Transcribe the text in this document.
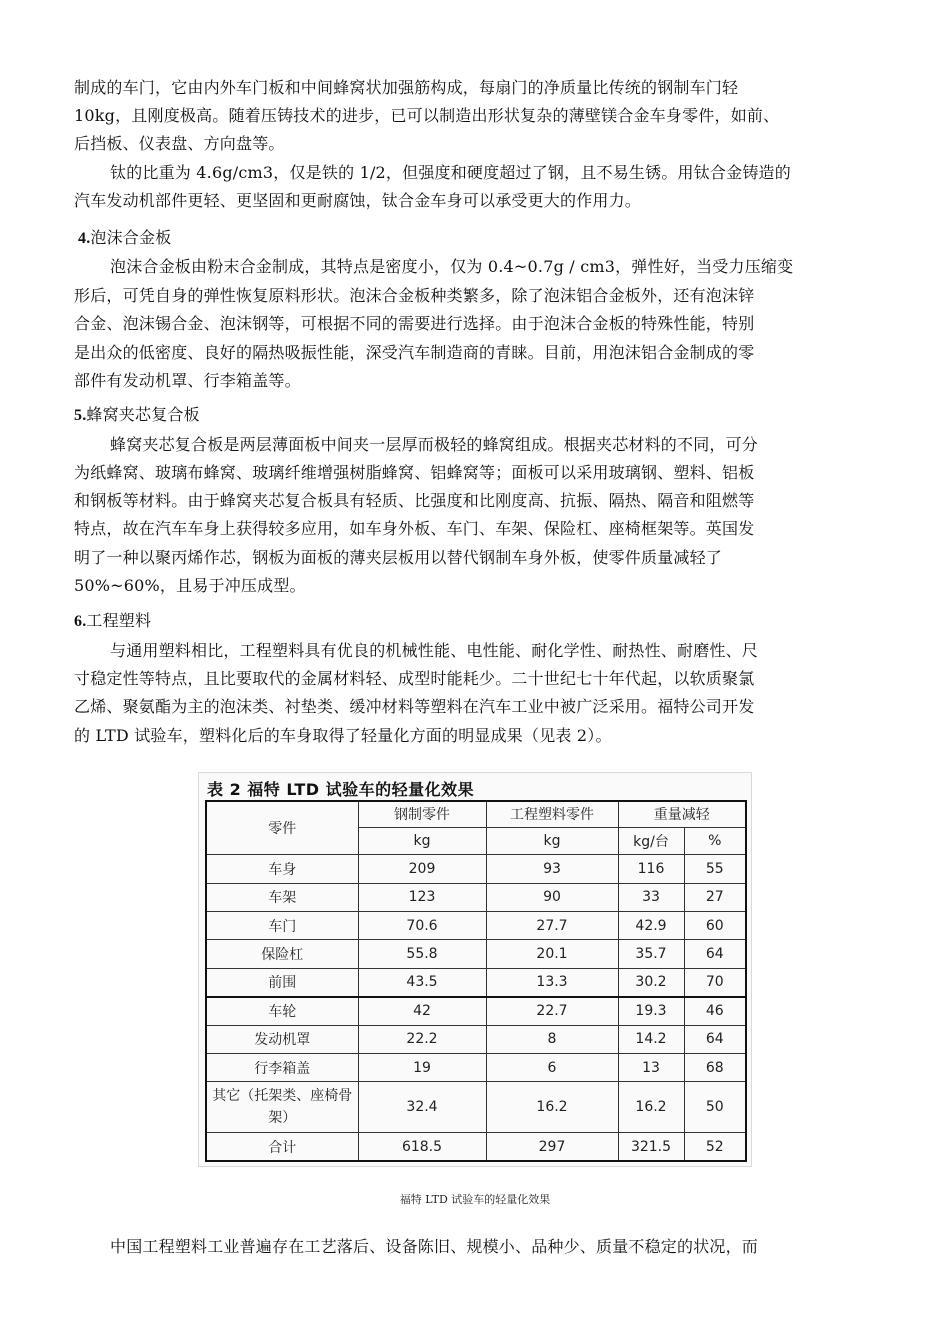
制成的车门，它由内外车门板和中间蜂窝状加强筋构成，每扇门的净质量比传统的钢制车门轻
10kg，且刚度极高。随着压铸技术的进步，已可以制造出形状复杂的薄壁镁合金车身零件，如前、
后挡板、仪表盘、方向盘等。
钛的比重为 4.6g/cm3，仅是铁的 1/2，但强度和硬度超过了钢，且不易生锈。用钛合金铸造的
汽车发动机部件更轻、更坚固和更耐腐蚀，钛合金车身可以承受更大的作用力。
4.泡沫合金板
泡沫合金板由粉末合金制成，其特点是密度小，仅为 0.4~0.7g / cm3，弹性好，当受力压缩变
形后，可凭自身的弹性恢复原料形状。泡沫合金板种类繁多，除了泡沫铝合金板外，还有泡沫锌
合金、泡沫锡合金、泡沫钢等，可根据不同的需要进行选择。由于泡沫合金板的特殊性能，特别
是出众的低密度、良好的隔热吸振性能，深受汽车制造商的青睐。目前，用泡沫铝合金制成的零
部件有发动机罩、行李箱盖等。
5.蜂窝夹芯复合板
蜂窝夹芯复合板是两层薄面板中间夹一层厚而极轻的蜂窝组成。根据夹芯材料的不同，可分
为纸蜂窝、玻璃布蜂窝、玻璃纤维增强树脂蜂窝、铝蜂窝等；面板可以采用玻璃钢、塑料、铝板
和钢板等材料。由于蜂窝夹芯复合板具有轻质、比强度和比刚度高、抗振、隔热、隔音和阻燃等
特点，故在汽车车身上获得较多应用，如车身外板、车门、车架、保险杠、座椅框架等。英国发
明了一种以聚丙烯作芯，钢板为面板的薄夹层板用以替代钢制车身外板，使零件质量减轻了
50%~60%，且易于冲压成型。
6.工程塑料
与通用塑料相比，工程塑料具有优良的机械性能、电性能、耐化学性、耐热性、耐磨性、尺
寸稳定性等特点，且比要取代的金属材料轻、成型时能耗少。二十世纪七十年代起，以软质聚氯
乙烯、聚氨酯为主的泡沫类、衬垫类、缓冲材料等塑料在汽车工业中被广泛采用。福特公司开发
的 LTD 试验车，塑料化后的车身取得了轻量化方面的明显成果（见表 2）。
表 2 福特 LTD 试验车的轻量化效果
零件	钢制零件	工程塑料零件	重量减轻	
	kg	kg	kg/台	%
车身	209	93	116	55
车架	123	90	33	27
车门	70.6	27.7	42.9	60
保险杠	55.8	20.1	35.7	64
前围	43.5	13.3	30.2	70
车轮	42	22.7	19.3	46
发动机罩	22.2	8	14.2	64
行李箱盖	19	6	13	68
其它（托架类、座椅骨架）	32.4	16.2	16.2	50
合计	618.5	297	321.5	52
福特 LTD 试验车的轻量化效果
中国工程塑料工业普遍存在工艺落后、设备陈旧、规模小、品种少、质量不稳定的状况，而
